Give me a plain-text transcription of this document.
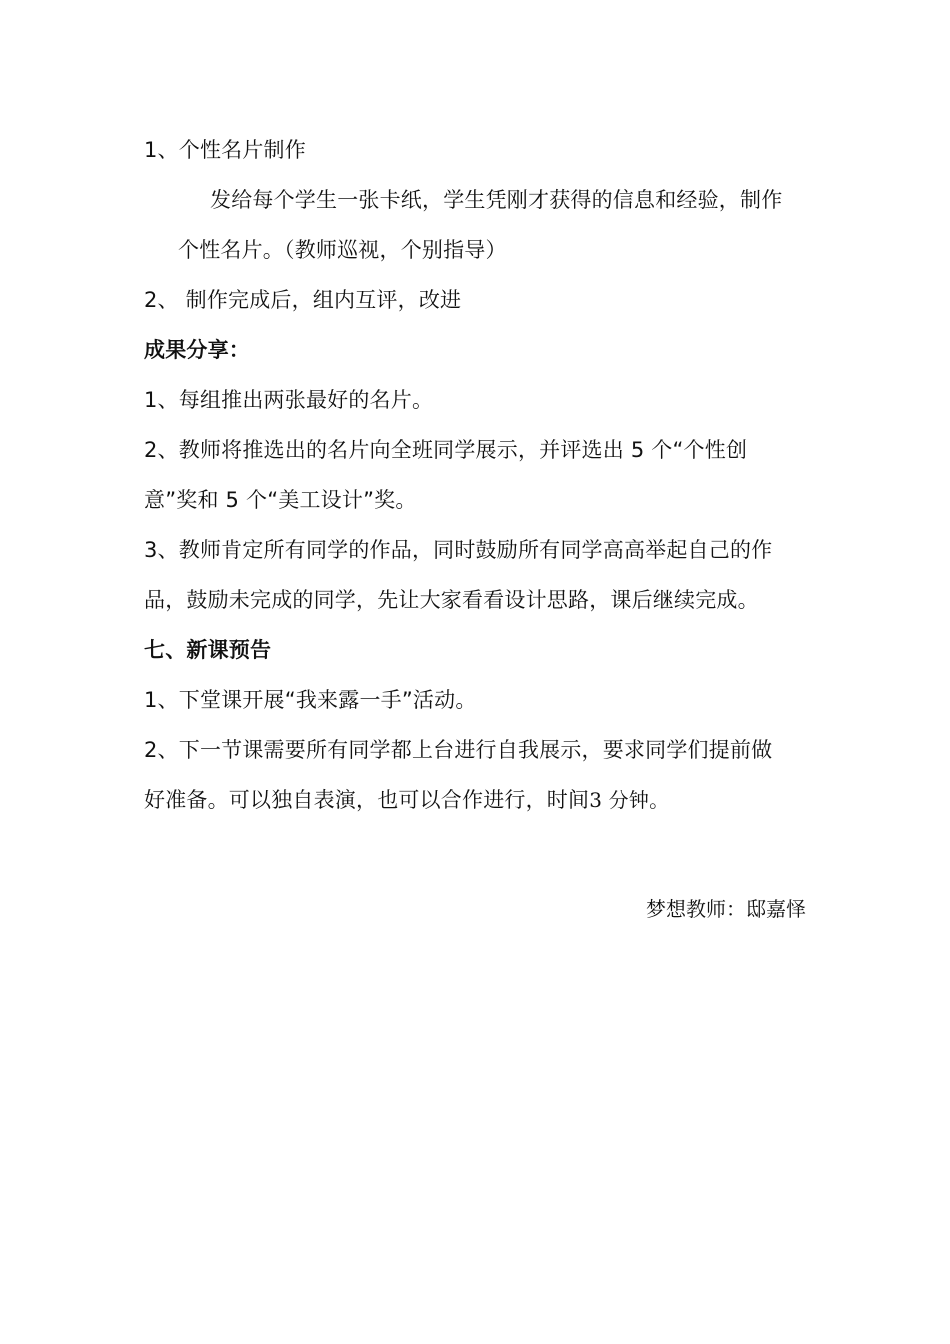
1、个性名片制作
发给每个学生一张卡纸，学生凭刚才获得的信息和经验，制作
个性名片。（教师巡视，个别指导）
2、 制作完成后，组内互评，改进
成果分享：
1、每组推出两张最好的名片。
2、教师将推选出的名片向全班同学展示，并评选出 5 个“个性创
意”奖和 5 个“美工设计”奖。
3、教师肯定所有同学的作品，同时鼓励所有同学高高举起自己的作
品，鼓励未完成的同学，先让大家看看设计思路，课后继续完成。
七、新课预告
1、下堂课开展“我来露一手”活动。
2、下一节课需要所有同学都上台进行自我展示，要求同学们提前做
好准备。可以独自表演，也可以合作进行，时间3 分钟。
梦想教师：邸嘉怿
